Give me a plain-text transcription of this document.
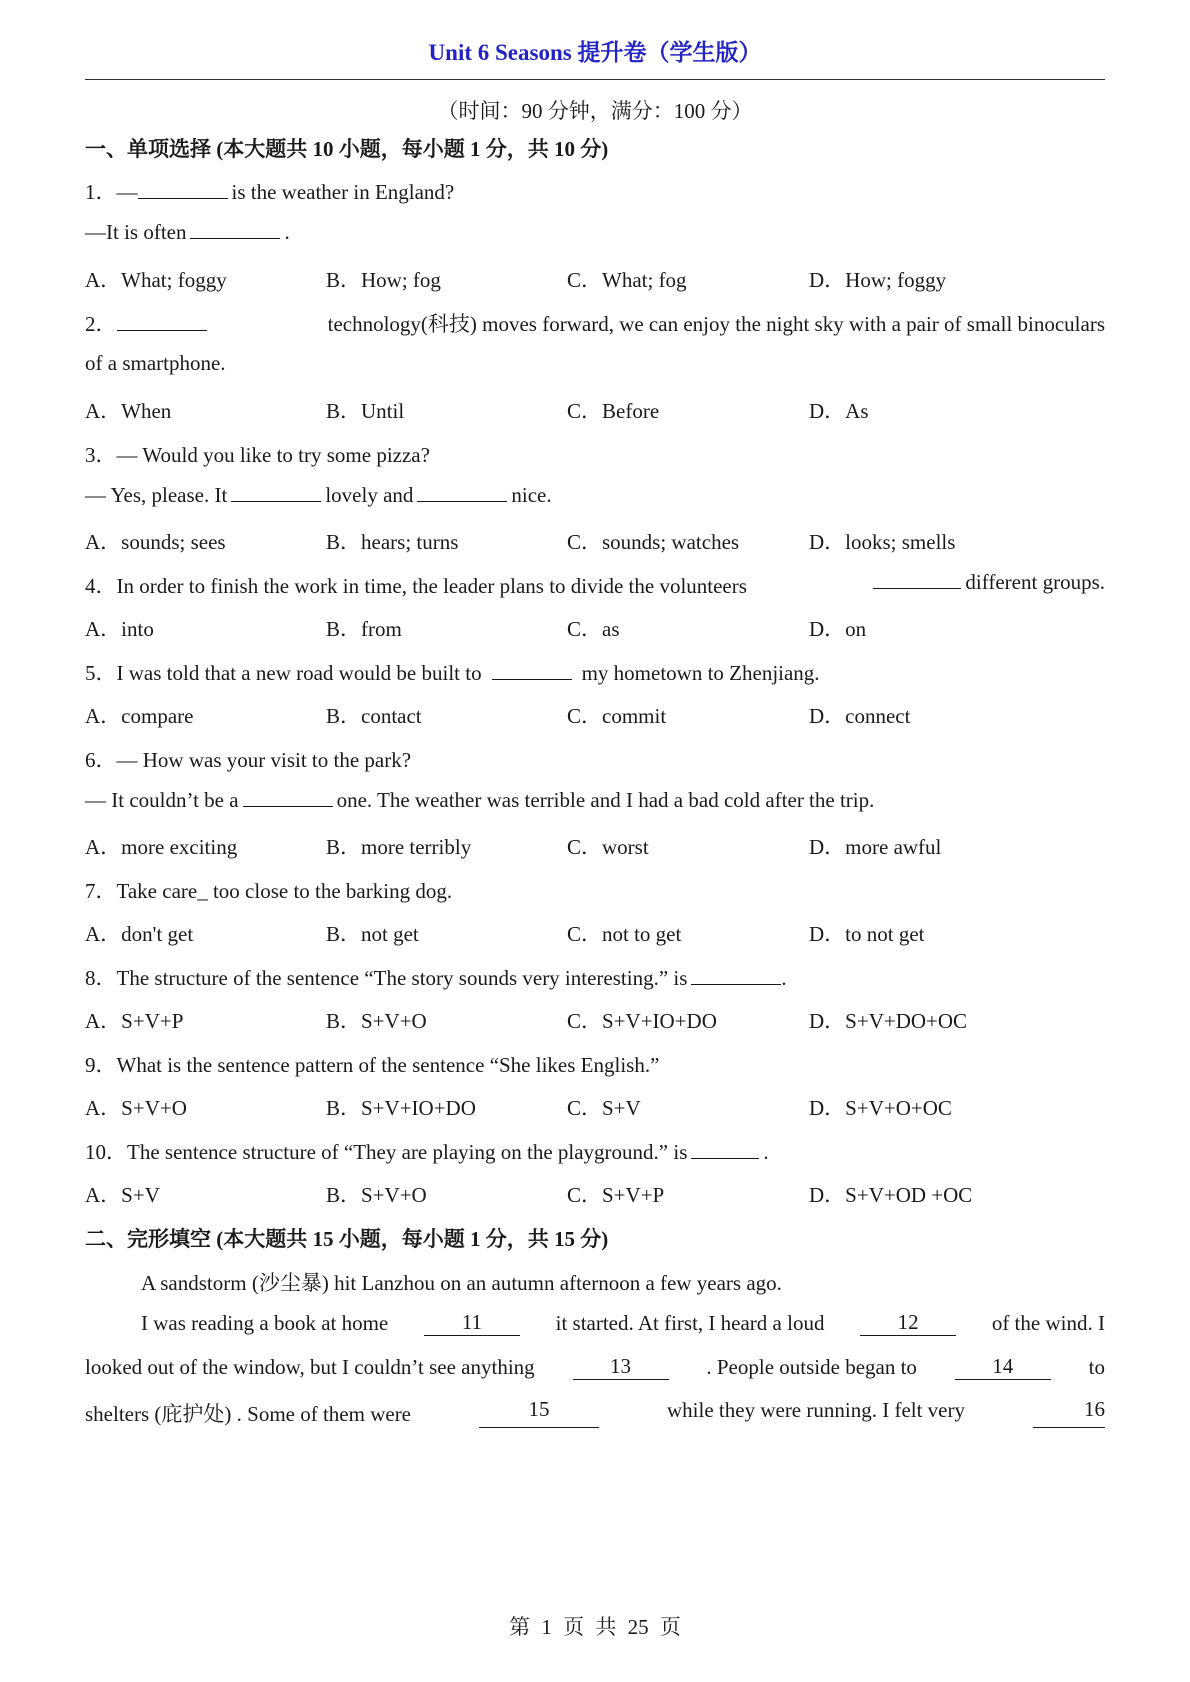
Unit 6 Seasons 提升卷（学生版）
（时间：90 分钟，满分：100 分）
一、单项选择 (本大题共 10 小题，每小题 1 分，共 10 分)
1．—	is the weather in England?
—It is often	.
A．What; foggy	B．How; fog	C．What; fog	D．How; foggy
2．	technology(科技) moves forward, we can enjoy the night sky with a pair of small binoculars
of a smartphone.
A．When	B．Until	C．Before	D．As
3．— Would you like to try some pizza?
— Yes, please. It	lovely and	nice.
A．sounds; sees	B．hears; turns	C．sounds; watches	D．looks; smells
4．In order to finish the work in time, the leader plans to divide the volunteers	different groups.
A．into	B．from	C．as	D．on
5．I was told that a new road would be built to	my hometown to Zhenjiang.
A．compare	B．contact	C．commit	D．connect
6．— How was your visit to the park?
— It couldn’t be a	one. The weather was terrible and I had a bad cold after the trip.
A．more exciting	B．more terribly	C．worst	D．more awful
7．Take care_ too close to the barking dog.
A．don't get	B．not get	C．not to get	D．to not get
8．The structure of the sentence “The story sounds very interesting.” is	.
A．S+V+P	B．S+V+O	C．S+V+IO+DO	D．S+V+DO+OC
9．What is the sentence pattern of the sentence “She likes English.”
A．S+V+O	B．S+V+IO+DO	C．S+V	D．S+V+O+OC
10．The sentence structure of “They are playing on the playground.” is	.
A．S+V	B．S+V+O	C．S+V+P	D．S+V+OD +OC
二、完形填空 (本大题共 15 小题，每小题 1 分，共 15 分)
A sandstorm (沙尘暴) hit Lanzhou on an autumn afternoon a few years ago.
I was reading a book at home	11	it started. At first, I heard a loud	12	of the wind. I
looked out of the window, but I couldn’t see anything	13	. People outside began to	14	to
shelters (庇护处) . Some of them were	15	while they were running. I felt very	16
第 1 页 共 25 页
